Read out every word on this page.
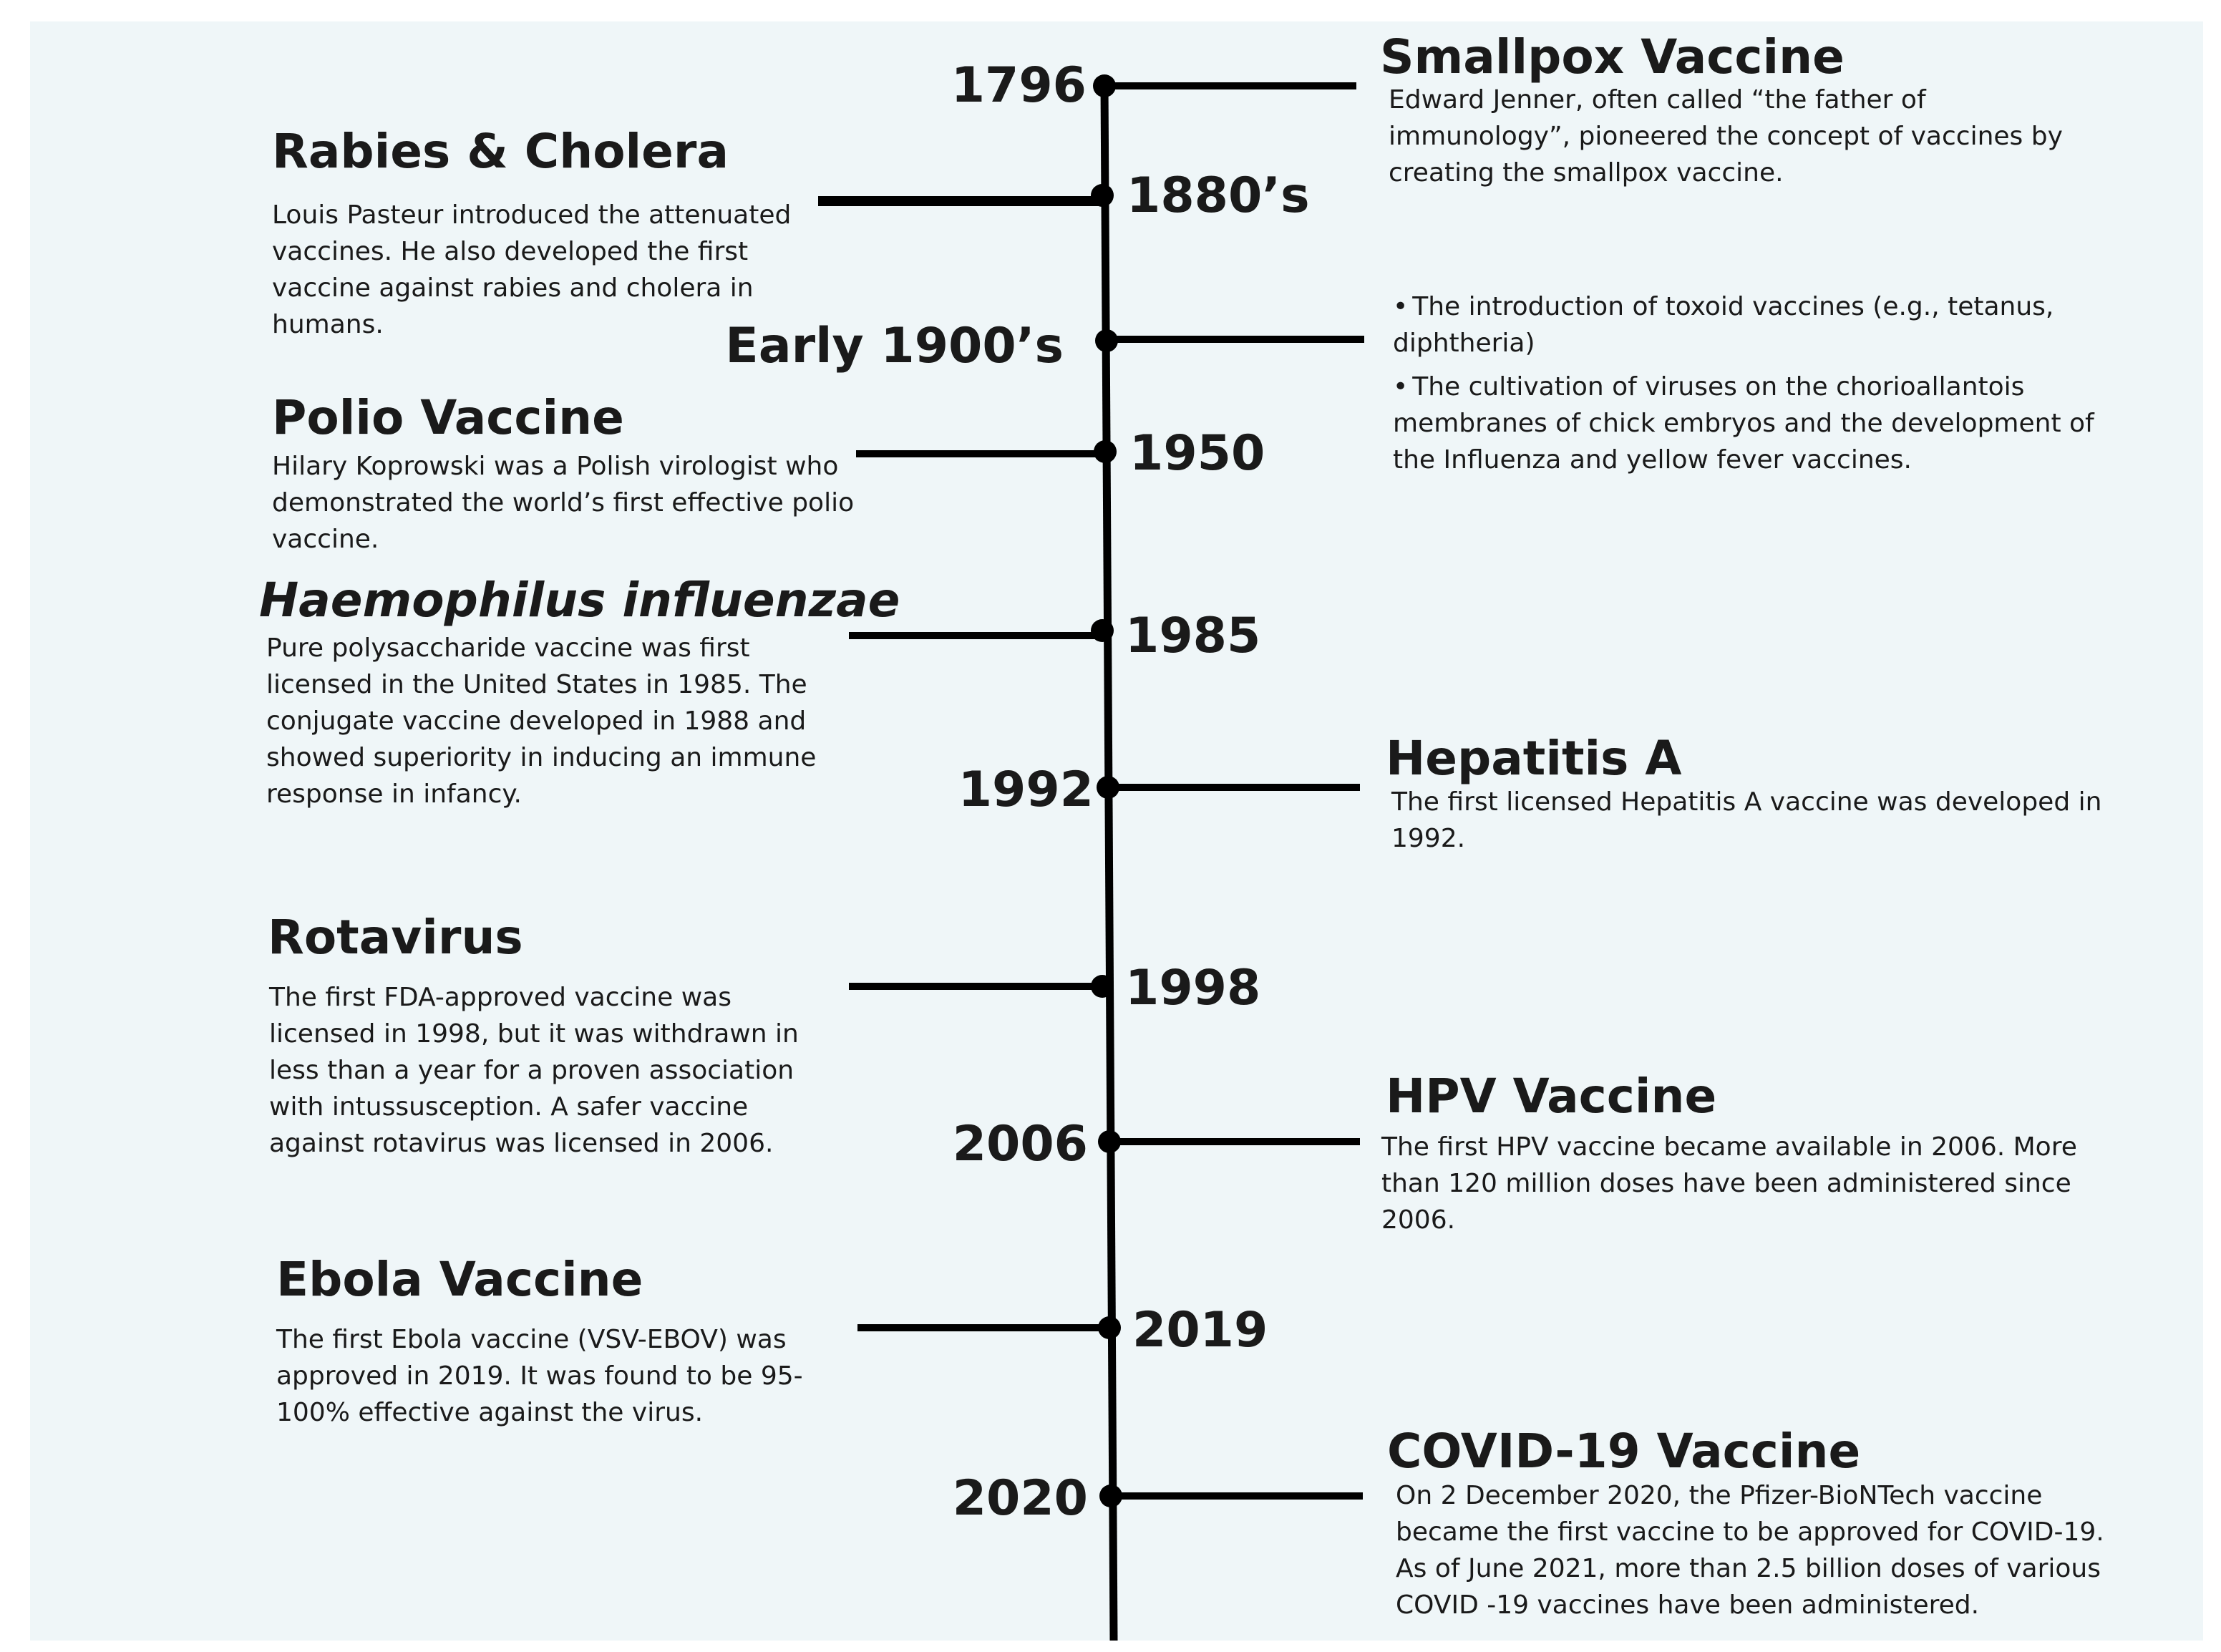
1796
Smallpox Vaccine

Edward Jenner, often called “the father of immunology”, pioneered the concept of vaccines by creating the smallpox vaccine.

1880’s
Rabies & Cholera

Louis Pasteur introduced the attenuated vaccines. He also developed the first vaccine against rabies and cholera in humans.	Early 1900’s
• The introduction of toxoid vaccines (e.g., tetanus, diphtheria)
• The cultivation of viruses on the chorioallantois membranes of chick embryos and the development of the Influenza and yellow fever vaccines.
1950
Polio Vaccine

Hilary Koprowski was a Polish virologist who demonstrated the world’s first effective polio vaccine.

1985
Haemophilus influenzae

Pure polysaccharide vaccine was first licensed in the United States in 1985. The conjugate vaccine developed in 1988 and showed superiority in inducing an immune response in infancy.	1992
Hepatitis A

The first licensed Hepatitis A vaccine was developed in 1992.

1998
Rotavirus

The first FDA-approved vaccine was licensed in 1998, but it was withdrawn in less than a year for a proven association with intussusception. A safer vaccine against rotavirus was licensed in 2006.	2006
HPV Vaccine

The first HPV vaccine became available in 2006. More than 120 million doses have been administered since 2006.

2019
Ebola Vaccine

The first Ebola vaccine (VSV-EBOV) was approved in 2019. It was found to be 95-100% effective against the virus.

2020
COVID-19 Vaccine

On 2 December 2020, the Pfizer-BioNTech vaccine became the first vaccine to be approved for COVID-19. As of June 2021, more than 2.5 billion doses of various COVID -19 vaccines have been administered.
